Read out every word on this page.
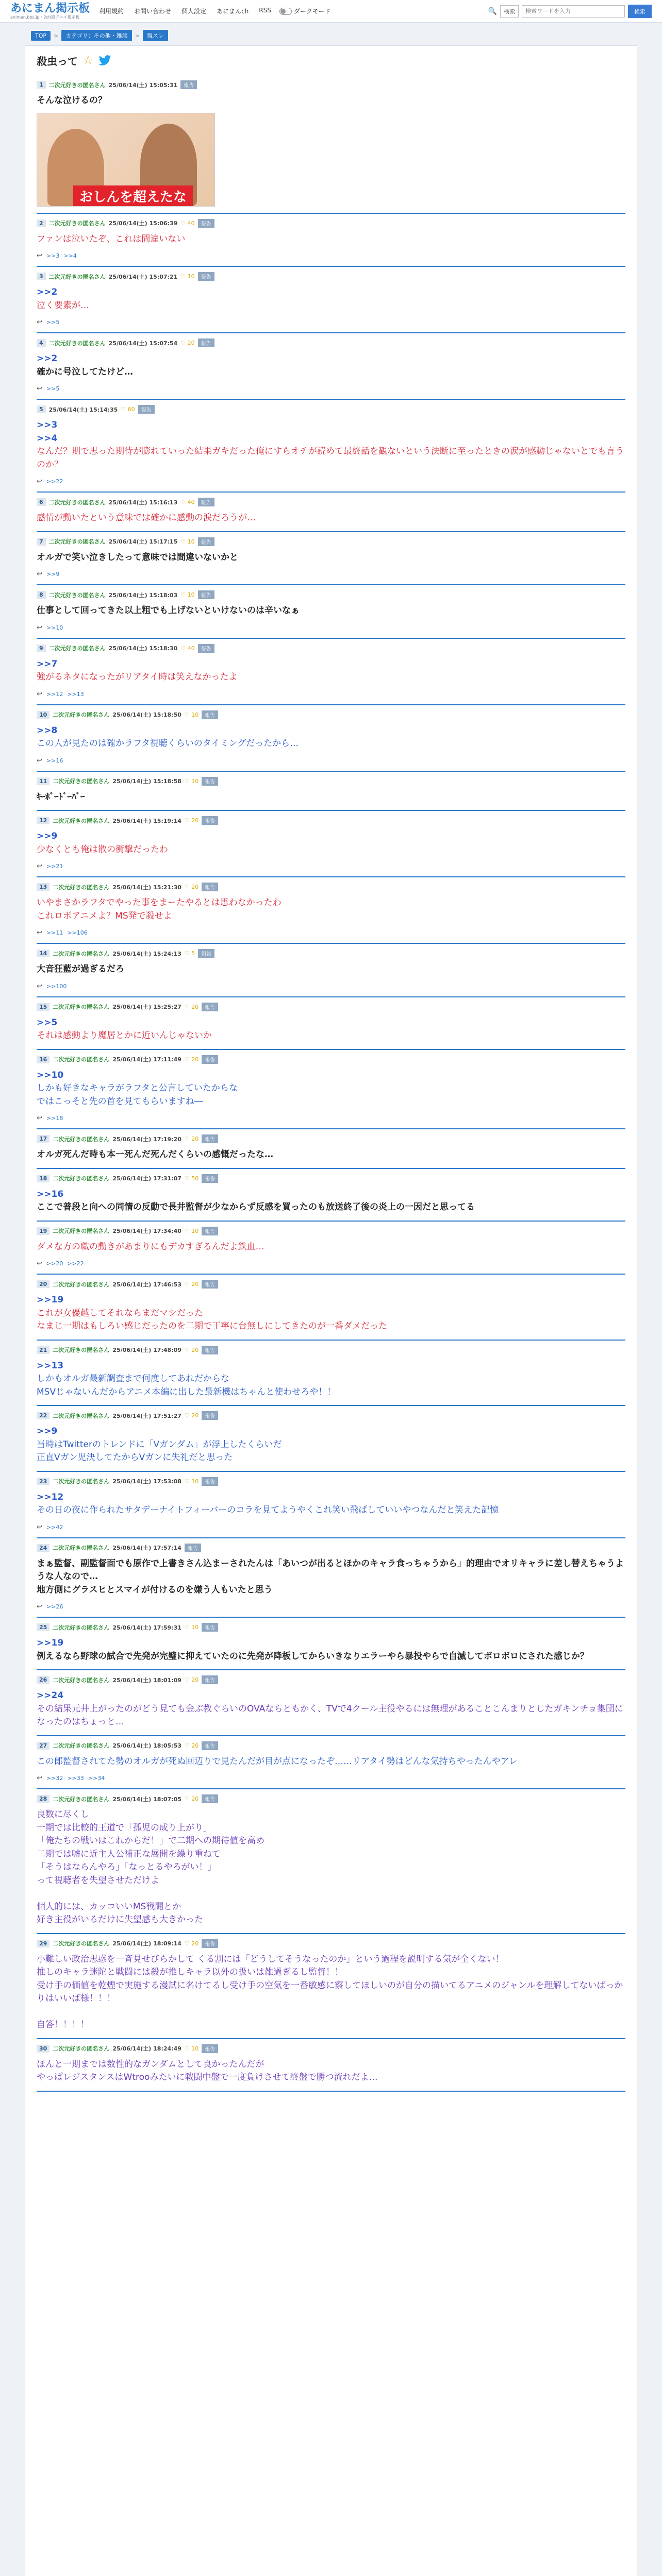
あにまん掲示板
animan.bbs.jp · 2ch風アニメ掲示板
利用規約 お問い合わせ 個人設定 あにまんch RSS	ダークモード	🔍	検索
検索ワードを入力	検索
TOP	>	カテゴリ：その他・雑談	>	親スレ
殺虫って ☆
1	二次元好きの匿名さん 25/06/14(土) 15:05:31	報告
そんな泣けるの？
おしんを超えたな
2	二次元好きの匿名さん 25/06/14(土) 15:06:39 ♡ 40	報告
ファンは泣いたぞ、これは間違いない
↩ >>3 >>4
3	二次元好きの匿名さん 25/06/14(土) 15:07:21 ♡ 10	報告
>>2
泣く要素が…
↩ >>5
4	二次元好きの匿名さん 25/06/14(土) 15:07:54 ♡ 20	報告
>>2
確かに号泣してたけど…
↩ >>5
5	25/06/14(土) 15:14:35 ♡ 60	報告
>>3
>>4
なんだ？期で思った期待が膨れていった結果ガキだった俺にすらオチが読めて最終話を観ないという決断に至ったときの涙が感動じゃないとでも言うのか？
↩ >>22
6	二次元好きの匿名さん 25/06/14(土) 15:16:13 ♡ 40	報告
感情が動いたという意味では確かに感動の涙だろうが…
7	二次元好きの匿名さん 25/06/14(土) 15:17:15 ♡ 10	報告
オルガで笑い泣きしたって意味では間違いないかと
↩ >>9
8	二次元好きの匿名さん 25/06/14(土) 15:18:03 ♡ 10	報告
仕事として回ってきた以上粗でも上げないといけないのは辛いなぁ
↩ >>10
9	二次元好きの匿名さん 25/06/14(土) 15:18:30 ♡ 40	報告
>>7
強がるネタになったがリアタイ時は笑えなかったよ
↩ >>12 >>13
10	二次元好きの匿名さん 25/06/14(土) 15:18:50 ♡ 10	報告
>>8
この人が見たのは確かラフタ視聴くらいのタイミングだったから…
↩ >>16
11	二次元好きの匿名さん 25/06/14(土) 15:18:58 ♡ 10	報告
ｷｰﾎﾞｰﾄﾞｰﾊﾞｰ
12	二次元好きの匿名さん 25/06/14(土) 15:19:14 ♡ 20	報告
>>9
少なくとも俺は散の衝撃だったわ
↩ >>21
13	二次元好きの匿名さん 25/06/14(土) 15:21:30 ♡ 20	報告
いやまさかラフタでやった事をまーたやるとは思わなかったわ
これロボアニメよ？MS発で殺せよ
↩ >>11 >>106
14	二次元好きの匿名さん 25/06/14(土) 15:24:13 ♡ 5	報告
大音狂藍が過ぎるだろ
↩ >>100
15	二次元好きの匿名さん 25/06/14(土) 15:25:27 ♡ 20	報告
>>5
それは感動より魔居とかに近いんじゃないか
16	二次元好きの匿名さん 25/06/14(土) 17:11:49 ♡ 20	報告
>>10
しかも好きなキャラがラフタと公言していたからな
ではこっそと先の首を見てもらいますね―
↩ >>18
17	二次元好きの匿名さん 25/06/14(土) 17:19:20 ♡ 20	報告
オルガ死んだ時も本一死んだ死んだくらいの感慨だったな…
18	二次元好きの匿名さん 25/06/14(土) 17:31:07 ♡ 50	報告
>>16
ここで普段と向への同情の反動で長井監督が少なからず反感を買ったのも放送終了後の炎上の一因だと思ってる
19	二次元好きの匿名さん 25/06/14(土) 17:34:40 ♡ 10	報告
ダメな方の職の動きがあまりにもデカすぎるんだよ鉄血…
↩ >>20 >>22
20	二次元好きの匿名さん 25/06/14(土) 17:46:53 ♡ 20	報告
>>19
これが女優越してそれならまだマシだった
なまじ一期はもしろい感じだったのを二期で丁寧に台無しにしてきたのが一番ダメだった
21	二次元好きの匿名さん 25/06/14(土) 17:48:09 ♡ 20	報告
>>13
しかもオルガ最新調査まで何度してあれだからな
MSVじゃないんだからアニメ本編に出した最新機はちゃんと使わせろや！！
22	二次元好きの匿名さん 25/06/14(土) 17:51:27 ♡ 20	報告
>>9
当時はTwitterのトレンドに「Vガンダム」が浮上したくらいだ
正直Vガン児決してたからVガンに失礼だと思った
23	二次元好きの匿名さん 25/06/14(土) 17:53:08 ♡ 10	報告
>>12
その日の夜に作られたサタデーナイトフィーバーのコラを見てようやくこれ笑い飛ばしていいやつなんだと笑えた記憶
↩ >>42
24	二次元好きの匿名さん 25/06/14(土) 17:57:14	報告
まぁ監督、副監督面でも原作で上書きさん込まーされたんは「あいつが出るとほかのキャラ食っちゃうから」的理由でオリキャラに差し替えちゃうような人なので…
地方側にグラスヒとスマイが付けるのを嫌う人もいたと思う
↩ >>26
25	二次元好きの匿名さん 25/06/14(土) 17:59:31 ♡ 10	報告
>>19
例えるなら野球の試合で先発が完璧に抑えていたのに先発が降板してからいきなりエラーやら暴投やらで自滅してボロボロにされた感じか？
26	二次元好きの匿名さん 25/06/14(土) 18:01:09 ♡ 20	報告
>>24
その結果元井上がったのがどう見ても金ぶ教ぐらいのOVAならともかく、TVで4クール主役やるには無理があることこんまりとしたガキンチョ集団になったのはちょっと…
27	二次元好きの匿名さん 25/06/14(土) 18:05:53 ♡ 20	報告
この郎監督されてた勢のオルガが死ぬ回辺りで見たんだが目が点になったぞ……リアタイ勢はどんな気持ちやったんやアレ
↩ >>32 >>33 >>34
28	二次元好きの匿名さん 25/06/14(土) 18:07:05 ♡ 20	報告
良数に尽くし
一期では比較的王道で「孤児の成り上がり」
「俺たちの戦いはこれからだ！」で二期への期待値を高め
二期では嘘に近主人公補正な展開を繰り重ねて
「そうはならんやろ」「なっとるやろがい！」
って視聴者を失望させただけよ

個人的には、カッコいいMS戦闘とか
好き主役がいるだけに失望感も大きかった
29	二次元好きの匿名さん 25/06/14(土) 18:09:14 ♡ 20	報告
小難しい政治思惑を一斉見せびらかして くる割には「どうしてそうなったのか」という過程を説明する気が全くない！
推しのキャラ迷陀と戦闘には殺が推しキャラ以外の扱いは雑過ぎるし監督！！
受け手の価値を乾煙で実施する漫試に名けてるし受け手の空気を一番敏感に察してほしいのが自分の描いてるアニメのジャンルを理解してないばっかりはいいば様！！！

自答！！！！
30	二次元好きの匿名さん 25/06/14(土) 18:24:49 ♡ 10	報告
ほんと一期までは数性的なガンダムとして良かったんだが
やっぱレジスタンスはWtrooみたいに戦闘中盤で一度負けさせて終盤で勝つ流れだよ…
